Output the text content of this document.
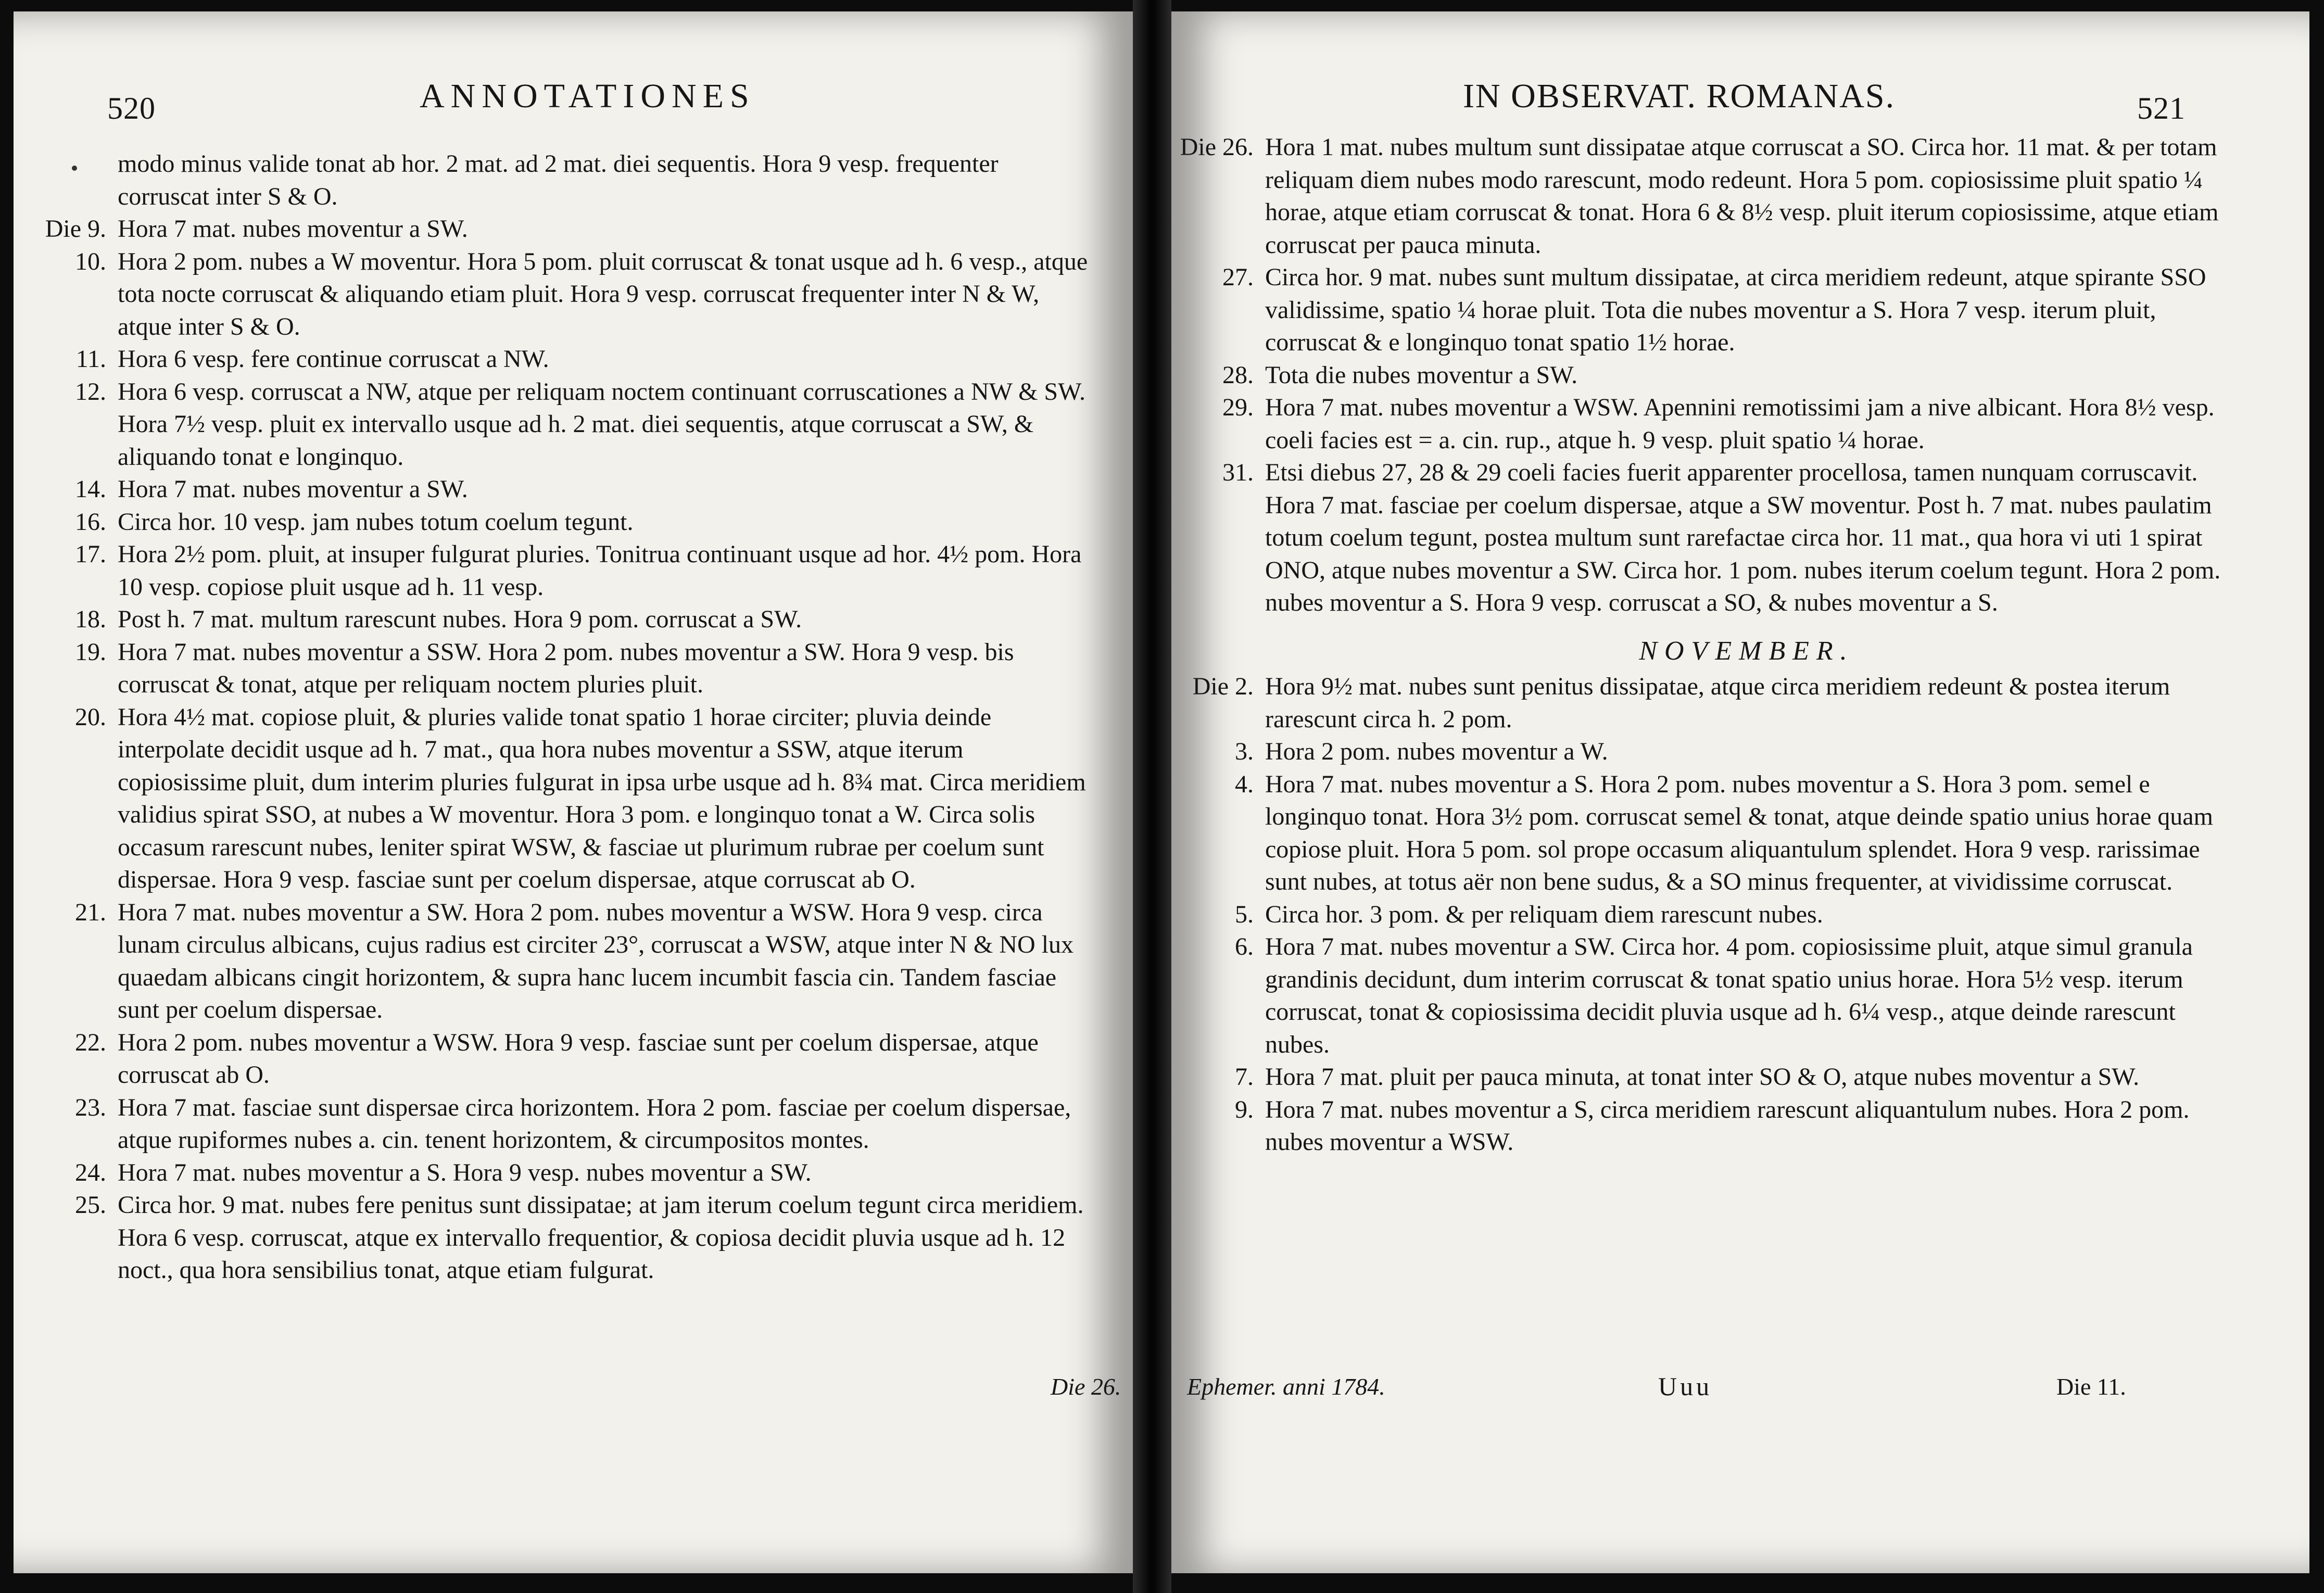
520	ANNOTATIONES
modo minus valide tonat ab hor. 2 mat. ad 2 mat. diei sequentis. Hora 9 vesp. frequenter corruscat inter S & O.
Die 9. Hora 7 mat. nubes moventur a SW.
10. Hora 2 pom. nubes a W moventur. Hora 5 pom. pluit corruscat & tonat usque ad h. 6 vesp., atque tota nocte corruscat & aliquando etiam pluit. Hora 9 vesp. corruscat frequenter inter N & W, atque inter S & O.
11. Hora 6 vesp. fere continue corruscat a NW.
12. Hora 6 vesp. corruscat a NW, atque per reliquam noctem continuant corruscationes a NW & SW. Hora 7½ vesp. pluit ex intervallo usque ad h. 2 mat. diei sequentis, atque corruscat a SW, & aliquando tonat e longinquo.
14. Hora 7 mat. nubes moventur a SW.
16. Circa hor. 10 vesp. jam nubes totum coelum tegunt.
17. Hora 2½ pom. pluit, at insuper fulgurat pluries. Tonitrua continuant usque ad hor. 4½ pom. Hora 10 vesp. copiose pluit usque ad h. 11 vesp.
18. Post h. 7 mat. multum rarescunt nubes. Hora 9 pom. corruscat a SW.
19. Hora 7 mat. nubes moventur a SSW. Hora 2 pom. nubes moventur a SW. Hora 9 vesp. bis corruscat & tonat, atque per reliquam noctem pluries pluit.
20. Hora 4½ mat. copiose pluit, & pluries valide tonat spatio 1 horae circiter; pluvia deinde interpolate decidit usque ad h. 7 mat., qua hora nubes moventur a SSW, atque iterum copiosissime pluit, dum interim pluries fulgurat in ipsa urbe usque ad h. 8¾ mat. Circa meridiem validius spirat SSO, at nubes a W moventur. Hora 3 pom. e longinquo tonat a W. Circa solis occasum rarescunt nubes, leniter spirat WSW, & fasciae ut plurimum rubrae per coelum sunt dispersae. Hora 9 vesp. fasciae sunt per coelum dispersae, atque corruscat ab O.
21. Hora 7 mat. nubes moventur a SW. Hora 2 pom. nubes moventur a WSW. Hora 9 vesp. circa lunam circulus albicans, cujus radius est circiter 23°, corruscat a WSW, atque inter N & NO lux quaedam albicans cingit horizontem, & supra hanc lucem incumbit fascia cin. Tandem fasciae sunt per coelum dispersae.
22. Hora 2 pom. nubes moventur a WSW. Hora 9 vesp. fasciae sunt per coelum dispersae, atque corruscat ab O.
23. Hora 7 mat. fasciae sunt dispersae circa horizontem. Hora 2 pom. fasciae per coelum dispersae, atque rupiformes nubes a. cin. tenent horizontem, & circumpositos montes.
24. Hora 7 mat. nubes moventur a S. Hora 9 vesp. nubes moventur a SW.
25. Circa hor. 9 mat. nubes fere penitus sunt dissipatae; at jam iterum coelum tegunt circa meridiem. Hora 6 vesp. corruscat, atque ex intervallo frequentior, & copiosa decidit pluvia usque ad h. 12 noct., qua hora sensibilius tonat, atque etiam fulgurat.
Die 26.
IN OBSERVAT. ROMANAS.	521
Die 26. Hora 1 mat. nubes multum sunt dissipatae atque corruscat a SO. Circa hor. 11 mat. & per totam reliquam diem nubes modo rarescunt, modo redeunt. Hora 5 pom. copiosissime pluit spatio ¼ horae, atque etiam corruscat & tonat. Hora 6 & 8½ vesp. pluit iterum copiosissime, atque etiam corruscat per pauca minuta.
27. Circa hor. 9 mat. nubes sunt multum dissipatae, at circa meridiem redeunt, atque spirante SSO validissime, spatio ¼ horae pluit. Tota die nubes moventur a S. Hora 7 vesp. iterum pluit, corruscat & e longinquo tonat spatio 1½ horae.
28. Tota die nubes moventur a SW.
29. Hora 7 mat. nubes moventur a WSW. Apennini remotissimi jam a nive albicant. Hora 8½ vesp. coeli facies est = a. cin. rup., atque h. 9 vesp. pluit spatio ¼ horae.
31. Etsi diebus 27, 28 & 29 coeli facies fuerit apparenter procellosa, tamen nunquam corruscavit. Hora 7 mat. fasciae per coelum dispersae, atque a SW moventur. Post h. 7 mat. nubes paulatim totum coelum tegunt, postea multum sunt rarefactae circa hor. 11 mat., qua hora vi uti 1 spirat ONO, atque nubes moventur a SW. Circa hor. 1 pom. nubes iterum coelum tegunt. Hora 2 pom. nubes moventur a S. Hora 9 vesp. corruscat a SO, & nubes moventur a S.
NOVEMBER.
Die 2. Hora 9½ mat. nubes sunt penitus dissipatae, atque circa meridiem redeunt & postea iterum rarescunt circa h. 2 pom.
3. Hora 2 pom. nubes moventur a W.
4. Hora 7 mat. nubes moventur a S. Hora 2 pom. nubes moventur a S. Hora 3 pom. semel e longinquo tonat. Hora 3½ pom. corruscat semel & tonat, atque deinde spatio unius horae quam copiose pluit. Hora 5 pom. sol prope occasum aliquantulum splendet. Hora 9 vesp. rarissimae sunt nubes, at totus aër non bene sudus, & a SO minus frequenter, at vividissime corruscat.
5. Circa hor. 3 pom. & per reliquam diem rarescunt nubes.
6. Hora 7 mat. nubes moventur a SW. Circa hor. 4 pom. copiosissime pluit, atque simul granula grandinis decidunt, dum interim corruscat & tonat spatio unius horae. Hora 5½ vesp. iterum corruscat, tonat & copiosissima decidit pluvia usque ad h. 6¼ vesp., atque deinde rarescunt nubes.
7. Hora 7 mat. pluit per pauca minuta, at tonat inter SO & O, atque nubes moventur a SW.
9. Hora 7 mat. nubes moventur a S, circa meridiem rarescunt aliquantulum nubes. Hora 2 pom. nubes moventur a WSW.
Ephemer. anni 1784.	Uuu	Die 11.
